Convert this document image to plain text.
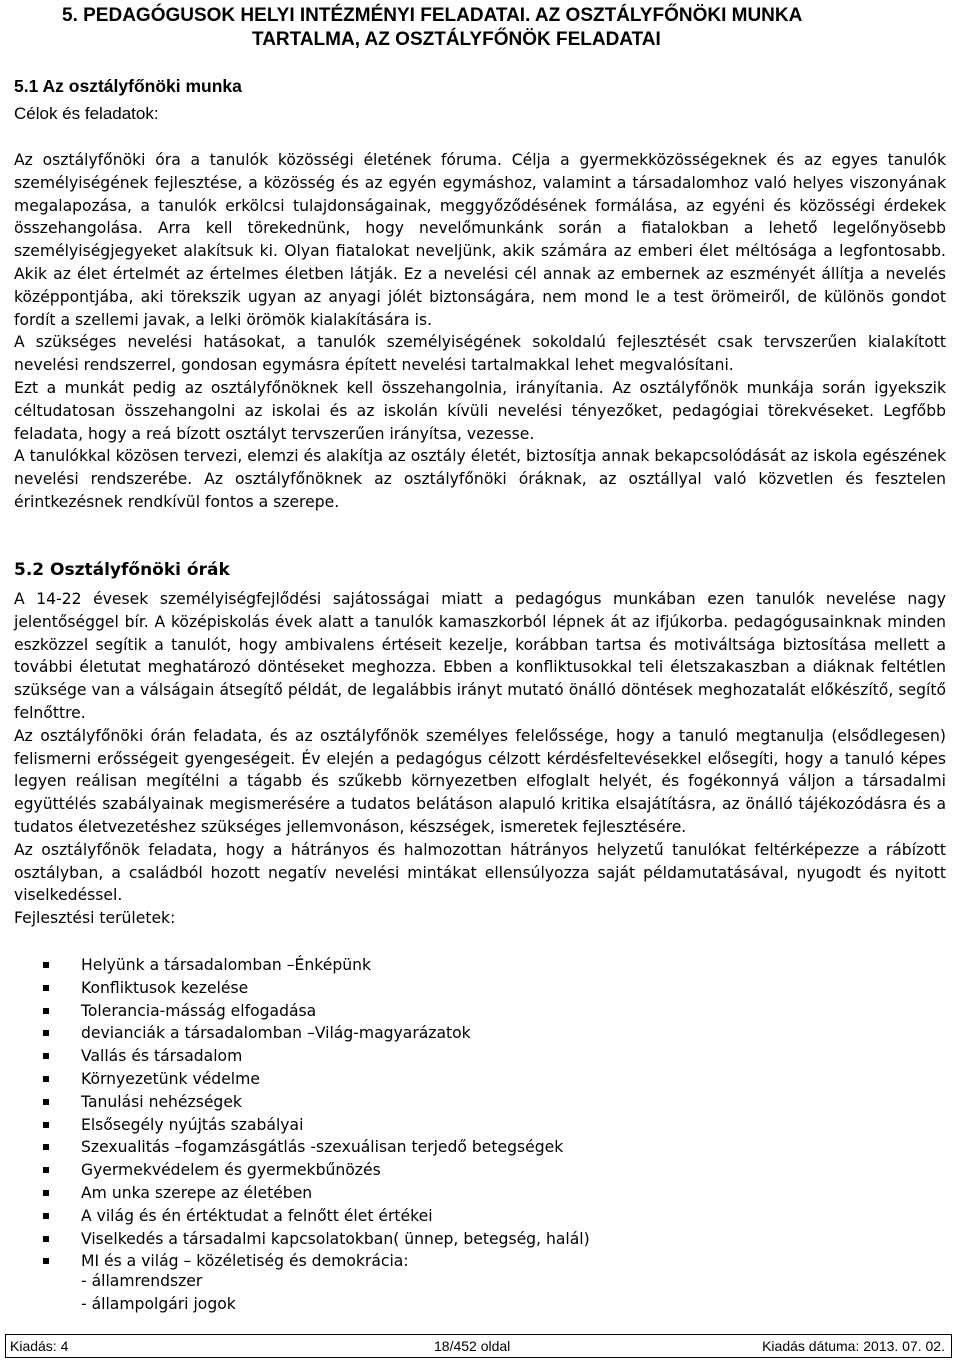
5. PEDAGÓGUSOK HELYI INTÉZMÉNYI FELADATAI. AZ OSZTÁLYFŐNÖKI MUNKA
TARTALMA, AZ OSZTÁLYFŐNÖK FELADATAI
5.1 Az osztályfőnöki munka
Célok és feladatok:

Az osztályfőnöki óra a tanulók közösségi életének fóruma. Célja a gyermekközösségeknek és az egyes tanulók személyiségének fejlesztése, a közösség és az egyén egymáshoz, valamint a társadalomhoz való helyes viszonyának megalapozása, a tanulók erkölcsi tulajdonságainak, meggyőződésének formálása, az egyéni és közösségi érdekek összehangolása. Arra kell törekednünk, hogy nevelőmunkánk során a fiatalokban a lehető legelőnyösebb személyiségjegyeket alakítsuk ki. Olyan fiatalokat neveljünk, akik számára az emberi élet méltósága a legfontosabb. Akik az élet értelmét az értelmes életben látják. Ez a nevelési cél annak az embernek az eszményét állítja a nevelés középpontjába, aki törekszik ugyan az anyagi jólét biztonságára, nem mond le a test örömeiről, de különös gondot fordít a szellemi javak, a lelki örömök kialakítására is.

A szükséges nevelési hatásokat, a tanulók személyiségének sokoldalú fejlesztését csak tervszerűen kialakított nevelési rendszerrel, gondosan egymásra épített nevelési tartalmakkal lehet megvalósítani.

Ezt a munkát pedig az osztályfőnöknek kell összehangolnia, irányítania. Az osztályfőnök munkája során igyekszik céltudatosan összehangolni az iskolai és az iskolán kívüli nevelési tényezőket, pedagógiai törekvéseket. Legfőbb feladata, hogy a reá bízott osztályt tervszerűen irányítsa, vezesse.

A tanulókkal közösen tervezi, elemzi és alakítja az osztály életét, biztosítja annak bekapcsolódását az iskola egészének nevelési rendszerébe. Az osztályfőnöknek az osztályfőnöki óráknak, az osztállyal való közvetlen és fesztelen érintkezésnek rendkívül fontos a szerepe.

5.2 Osztályfőnöki órák

A 14-22 évesek személyiségfejlődési sajátosságai miatt a pedagógus munkában ezen tanulók nevelése nagy jelentőséggel bír. A középiskolás évek alatt a tanulók kamaszkorból lépnek át az ifjúkorba. pedagógusainknak minden eszközzel segítik a tanulót, hogy ambivalens értéseit kezelje, korábban tartsa és motiváltsága biztosítása mellett a további életutat meghatározó döntéseket meghozza. Ebben a konfliktusokkal teli életszakaszban a diáknak feltétlen szüksége van a válságain átsegítő példát, de legalábbis irányt mutató önálló döntések meghozatalát előkészítő, segítő felnőttre.

Az osztályfőnöki órán feladata, és az osztályfőnök személyes felelőssége, hogy a tanuló megtanulja (elsődlegesen) felismerni erősségeit gyengeségeit. Év elején a pedagógus célzott kérdésfeltevésekkel elősegíti, hogy a tanuló képes legyen reálisan megítélni a tágabb és szűkebb környezetben elfoglalt helyét, és fogékonnyá váljon a társadalmi együttélés szabályainak megismerésére a tudatos belátáson alapuló kritika elsajátításra, az önálló tájékozódásra és a tudatos életvezetéshez szükséges jellemvonáson, készségek, ismeretek fejlesztésére.

Az osztályfőnök feladata, hogy a hátrányos és halmozottan hátrányos helyzetű tanulókat feltérképezze a rábízott osztályban, a családból hozott negatív nevelési mintákat ellensúlyozza saját példamutatásával, nyugodt és nyitott viselkedéssel.

Fejlesztési területek:

Helyünk a társadalomban –Énképünk
Konfliktusok kezelése
Tolerancia-másság elfogadása
devianciák a társadalomban –Világ-magyarázatok
Vallás és társadalom
Környezetünk védelme
Tanulási nehézségek
Elsősegély nyújtás szabályai
Szexualitás –fogamzásgátlás -szexuálisan terjedő betegségek
Gyermekvédelem és gyermekbűnözés
Am unka szerepe az életében
A világ és én értéktudat a felnőtt élet értékei
Viselkedés a társadalmi kapcsolatokban( ünnep, betegség, halál)
MI és a világ – közéletiség és demokrácia:
- államrendszer
- állampolgári jogok
Kiadás: 4	18/452 oldal	Kiadás dátuma: 2013. 07. 02.
